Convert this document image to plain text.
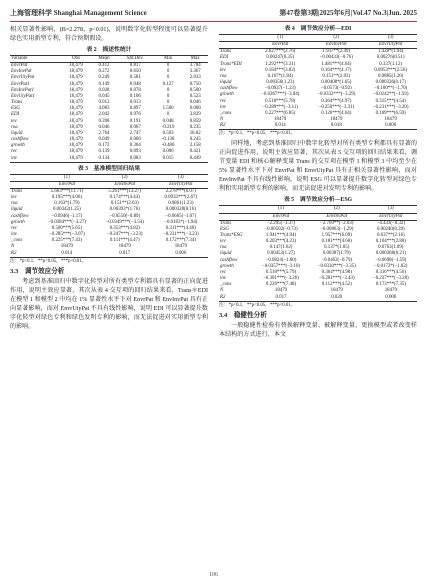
上海管理科学 Shanghai Management Science	第47卷第3期|2025年6月|Vol.47 No.3|Jun. 2025

相关显著性影响，(B=2.278，p<0.01)，说明数字化转型程度可以显著提升绿色实用新型专利，符合预期假设。

表 2　描述性统计
Variable	Obs	Mean	Std.Dev.	Min	Max
EnvrPat	18,479	0.412	0.817	0	3.784
EnvInvPat	18,479	0.272	0.650	0	3.367
EnvrUtyPat	18,479	0.249	0.581	0	2.833
EnvrPat1	18,479	0.149	0.048	0.127	0.750
EnvInvPat1	18,479	0.028	0.078	0	0.500
EnvUtyPat1	18,479	0.045	0.106	0	0.523
Trans	18,479	0.013	0.013	0	0.046
ESG	18,479	4.083	0.897	1.500	6.000
EDI	18,479	2.042	0.976	0	3.829
lev	18,479	0.398	0.191	0.048	0.859
roa	18,479	0.046	0.067	-0.219	0.235
liquid	18,479	2.764	2.747	0.503	18.82
cashflow	18,479	0.049	0.066	-0.138	0.245
growth	18,479	0.172	0.364	-0.480	2.158
rec	18,479	0.139	0.093	0.000	0.421
inv	18,479	0.134	0.083	0.015	0.449
表 3　基准模型回归结果
	(1)	(2)	(3)
	EnvrPat	EnvInvPat	EnvrUtyPat
Trans	5.663***(11.71)	5.261***(13.27)	2.278***(6.07)
lev	0.195***(4.06)	0.174***(4.43)	0.0933***(2.67)
roa	0.163*(1.79)	0.151**(2.03)	0.0861(1.23)
liquid	0.00342(1.25)	0.00393*(1.76)	0.000328(0.16)
cashflow	−0.0946(−1.17)	−0.0550(−0.89)	−0.0665(−1.07)
growth	−0.0384***(−3.27)	−0.0349***(−3.54)	−0.0183*(−1.94)
rec	0.500***(5.65)	0.353***(4.82)	0.311***(4.40)
inv	−0.285***(−3.07)	−0.247***(−3.23)	−0.231***(−3.23)
_cons	0.225***(7.43)	0.111***(4.47)	0.172***(7.34)
N	18479	18479	18479
R2	0.014	0.017	0.006
注：*p<0.1，**p<0.05，***p<0.01。
3.3　调节效应分析

考虑到基准回归中数字化转型对所有类型专利都具有显著的正向促进作用，说明主效应显著，其次从表 4 交互项的回归结果来看，Trans＊EDI 在模型 1 和模型 2 中均在 1% 显著性水平下对 EnvrPat 和 EnvInvPat 具有正向显著影响，而对 EnvrUtyPat 不具有线性影响，说明 EDI 可以显著提升数字化转型对绿色专利和绿色发明专利的影响，而无法促进对实用新型专利的影响。

表 4　调节效应分析—EDI
	(1)	(2)	(3)
	EnvrPat	EnvInvPat	EnvrUtyPat
Trans	2.627***(2.76)	1.937**(2.49)	1.428*(1.94)
EDI	0.00247(0.35)	−0.00433(−0.76)	0.00276(0.51)
Trans*EDI	1.292***(3.31)	1.481***(4.64)	0.337(1.12)
lev	0.184***(3.82)	0.164***(4.17)	0.0953***(2.56)
roa	0.167*(1.84)	0.151**(2.03)	0.0885(1.26)
liquid	0.00356(1.23)	0.00408*(1.65)	0.000336(0.17)
cashflow	−0.0937(−1.23)	−0.0573(−0.92)	−0.100**(−1.70)
growth	−0.0367***(−3.04)	−0.0332***(−3.29)	−0.0242**(−1.93)
rec	0.518***(5.78)	0.364***(4.97)	0.315***(4.54)
inv	−0.289***(−3.11)	−0.250***(−3.31)	−0.231***(−3.20)
_cons	0.227***(6.85)	0.126***(4.64)	0.169***(6.59)
N	18479	18479	18479
R2	0.014	0.018	0.006
注：*p<0.1，**p<0.05，***p<0.01。

同样地，考虑到基准回归中数字化转型对所有类型专利都具有显著的正向促进作用，说明主效应显著，其次从表 5 交互项的回归结果来看，调节变量 EDI 和核心解释变量 Trans 的交互项在模型 1 和模型 3 中均至少在 5% 显著性水平下对 EnvrPat 和 EnvrUtyPat 具有正相关显著性影响，而对 EnvInvPat 不具有线性影响，说明 ESG 可以显著提升数字化转型对绿色专利和实用新型专利的影响，而无法促进对发明专利的影响。

表 5　调节效应分析—ESG
	(1)	(2)	(3)
	EnvrPat	EnvInvPat	EnvrUtyPat
Trans	−2.295(−1.37)	−2.769**(−2.03)	−4.433(−0.32)
ESG	−0.00502(−0.73)	−0.00863(−1.29)	0.00240(0.39)
Trans*ESG	1.941***(4.94)	1.957***(6.09)	0.637**(2.16)
lev	0.203***(4.23)	0.181***(4.60)	0.104***(2.80)
roa	0.147(1.62)	0.137*(1.85)	0.0763(1.09)
liquid	0.00453(1.27)	0.00387(1.79)	0.000368(0.21)
cashflow	−0.0824(−1.00)	−0.0462(−0.79)	−0.0698(−1.59)
growth	−0.0357***(−3.10)	−0.0330***(−3.35)	−0.0172*(−1.82)
rec	0.518***(5.79)	0.364***(4.98)	0.316***(4.56)
inv	−0.301***(−3.26)	−0.261***(−3.43)	−0.237***(−3.28)
_cons	0.226***(7.48)	0.112***(4.52)	0.173***(7.35)
N	18479	18479	18479
R2	0.017	0.020	0.006
注：*p<0.1，**p<0.05，***p<0.01。
3.4　稳健性分析

一般稳健性检验有替换解释变量、被解释变量、更换模型或者改变样本结构的方式进行，本文

106
